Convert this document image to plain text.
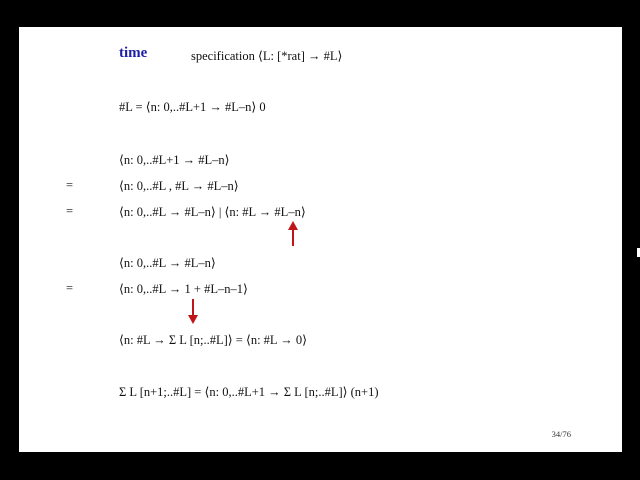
time	specification ⟨L: [*rat] → #L⟩
#L = ⟨n: 0,..#L+1 → #L–n⟩ 0
⟨n: 0,..#L+1 → #L–n⟩
=	⟨n: 0,..#L , #L → #L–n⟩
=	⟨n: 0,..#L → #L–n⟩ | ⟨n: #L → #L–n⟩
⟨n: 0,..#L → #L–n⟩
=	⟨n: 0,..#L → 1 + #L–n–1⟩
⟨n: #L → Σ L [n;..#L]⟩ = ⟨n: #L → 0⟩
Σ L [n+1;..#L] = ⟨n: 0,..#L+1 → Σ L [n;..#L]⟩ (n+1)
34/76
